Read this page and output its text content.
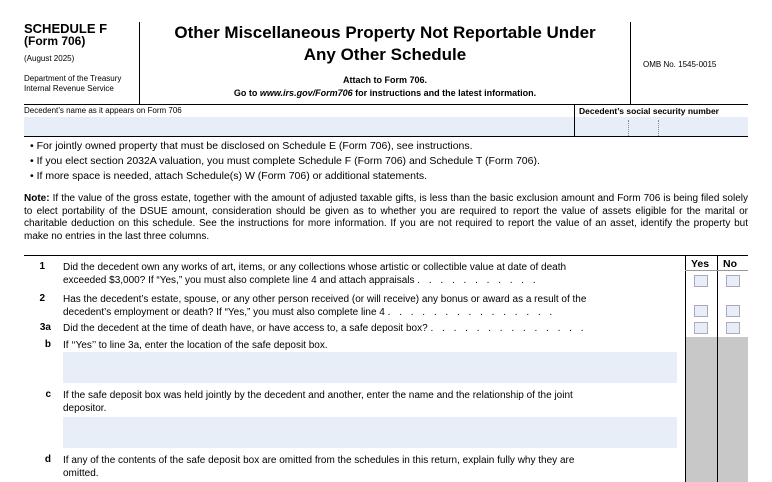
SCHEDULE F
(Form 706)
(August 2025)
Department of the Treasury
Internal Revenue Service
Other Miscellaneous Property Not Reportable Under
Any Other Schedule
Attach to Form 706.
Go to www.irs.gov/Form706 for instructions and the latest information.
OMB No. 1545-0015
Decedent’s name as it appears on Form 706	Decedent’s social security number
• For jointly owned property that must be disclosed on Schedule E (Form 706), see instructions.
• If you elect section 2032A valuation, you must complete Schedule F (Form 706) and Schedule T (Form 706).
• If more space is needed, attach Schedule(s) W (Form 706) or additional statements.
Note: If the value of the gross estate, together with the amount of adjusted taxable gifts, is less than the basic exclusion amount and Form 706 is being filed solely to elect portability of the DSUE amount, consideration should be given as to whether you are required to report the value of assets eligible for the marital or charitable deduction on this schedule. See the instructions for more information. If you are not required to report the value of an asset, identify the property but make no entries in the last three columns.
Yes No
1 Did the decedent own any works of art, items, or any collections whose artistic or collectible value at date of death
exceeded $3,000? If “Yes,” you must also complete line 4 and attach appraisals . . . . . . . . . . .
2 Has the decedent’s estate, spouse, or any other person received (or will receive) any bonus or award as a result of the
decedent’s employment or death? If “Yes,” you must also complete line 4 . . . . . . . . . . . . . . .
3a Did the decedent at the time of death have, or have access to, a safe deposit box? . . . . . . . . . . . . . .
b If ‘‘Yes’’ to line 3a, enter the location of the safe deposit box.
c If the safe deposit box was held jointly by the decedent and another, enter the name and the relationship of the joint
depositor.
d If any of the contents of the safe deposit box are omitted from the schedules in this return, explain fully why they are
omitted.
